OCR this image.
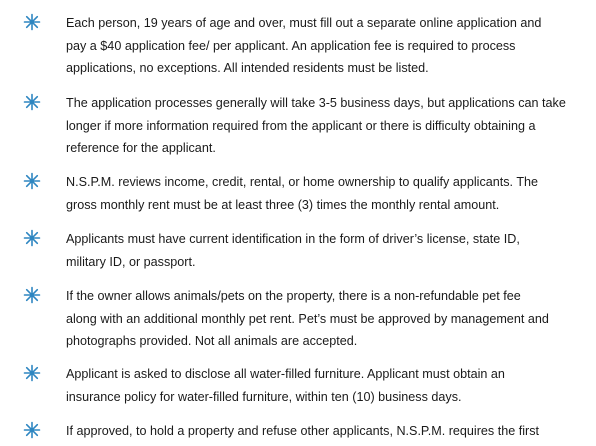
Each person, 19 years of age and over, must fill out a separate online application and
pay a $40 application fee/ per applicant. An application fee is required to process
applications, no exceptions. All intended residents must be listed.

The application processes generally will take 3-5 business days, but applications can take
longer if more information required from the applicant or there is difficulty obtaining a
reference for the applicant.

N.S.P.M. reviews income, credit, rental, or home ownership to qualify applicants. The
gross monthly rent must be at least three (3) times the monthly rental amount.

Applicants must have current identification in the form of driver’s license, state ID,
military ID, or passport.

If the owner allows animals/pets on the property, there is a non-refundable pet fee
along with an additional monthly pet rent. Pet’s must be approved by management and
photographs provided. Not all animals are accepted.

Applicant is asked to disclose all water-filled furniture. Applicant must obtain an
insurance policy for water-filled furniture, within ten (10) business days.

If approved, to hold a property and refuse other applicants, N.S.P.M. requires the first
